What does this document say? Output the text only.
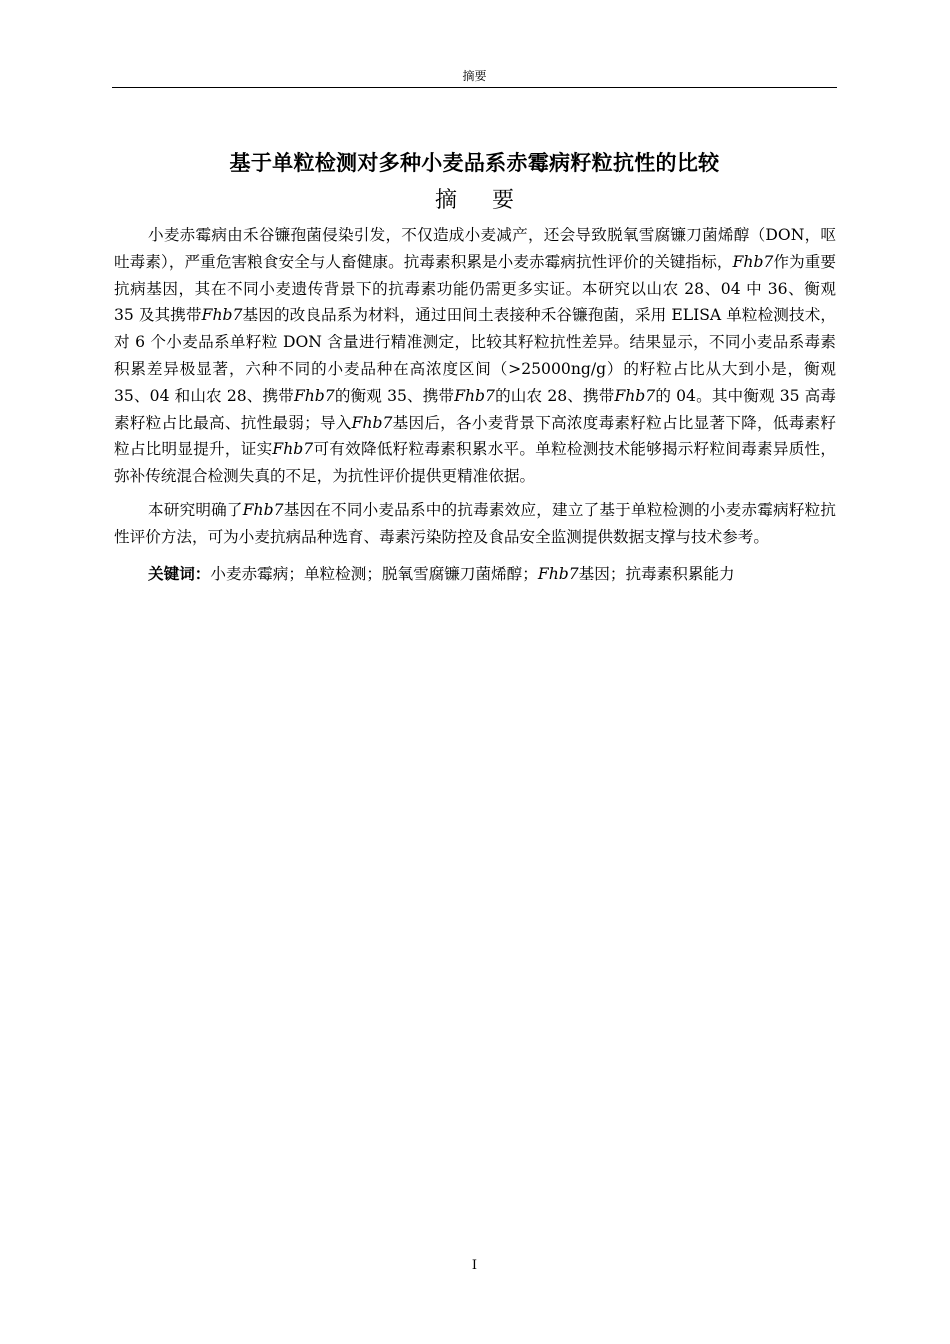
摘要
基于单粒检测对多种小麦品系赤霉病籽粒抗性的比较
摘 要

小麦赤霉病由禾谷镰孢菌侵染引发，不仅造成小麦减产，还会导致脱氧雪腐镰刀菌烯醇（DON，呕吐毒素），严重危害粮食安全与人畜健康。抗毒素积累是小麦赤霉病抗性评价的关键指标，Fhb7作为重要抗病基因，其在不同小麦遗传背景下的抗毒素功能仍需更多实证。本研究以山农 28、04 中 36、衡观 35 及其携带Fhb7基因的改良品系为材料，通过田间土表接种禾谷镰孢菌，采用 ELISA 单粒检测技术，对 6 个小麦品系单籽粒 DON 含量进行精准测定，比较其籽粒抗性差异。结果显示，不同小麦品系毒素积累差异极显著，六种不同的小麦品种在高浓度区间（>25000ng/g）的籽粒占比从大到小是，衡观 35、04 和山农 28、携带Fhb7的衡观 35、携带Fhb7的山农 28、携带Fhb7的 04。其中衡观 35 高毒素籽粒占比最高、抗性最弱；导入Fhb7基因后，各小麦背景下高浓度毒素籽粒占比显著下降，低毒素籽粒占比明显提升，证实Fhb7可有效降低籽粒毒素积累水平。单粒检测技术能够揭示籽粒间毒素异质性，弥补传统混合检测失真的不足，为抗性评价提供更精准依据。

本研究明确了Fhb7基因在不同小麦品系中的抗毒素效应，建立了基于单粒检测的小麦赤霉病籽粒抗性评价方法，可为小麦抗病品种选育、毒素污染防控及食品安全监测提供数据支撑与技术参考。

关键词：小麦赤霉病；单粒检测；脱氧雪腐镰刀菌烯醇；Fhb7基因；抗毒素积累能力

I
